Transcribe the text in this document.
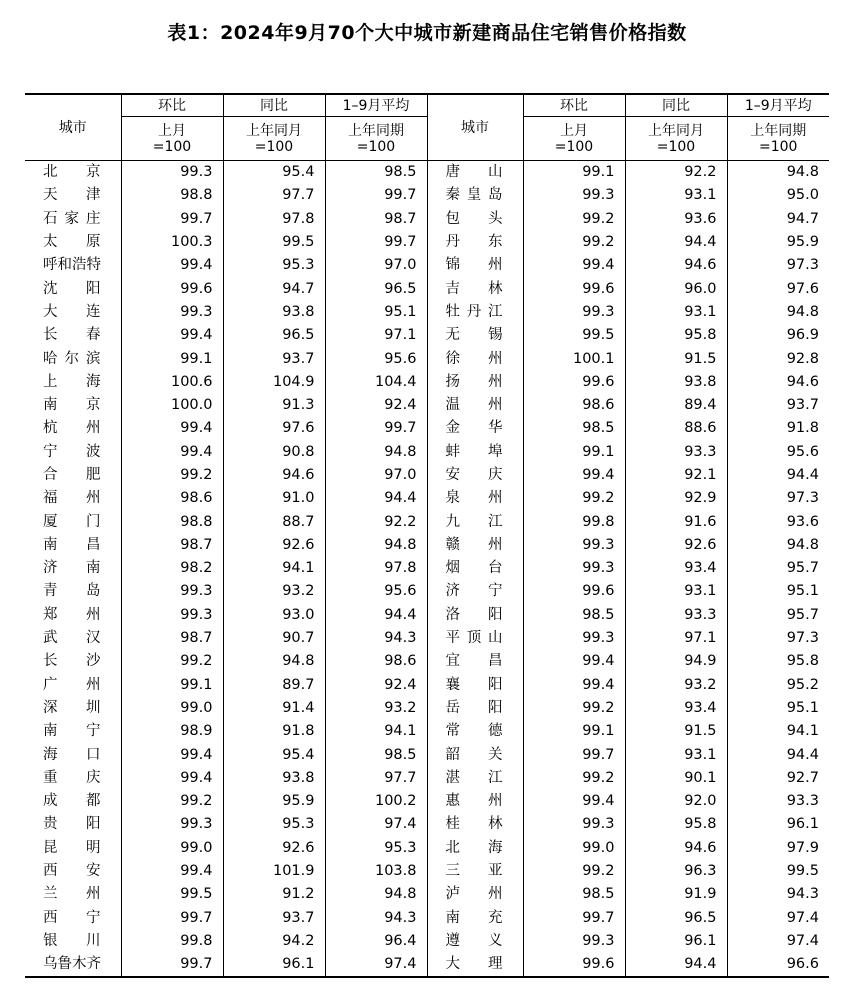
表1：2024年9月70个大中城市新建商品住宅销售价格指数
城市	环比	同比	1–9月平均	城市	环比	同比	1–9月平均

	上月
=100	上年同月
=100	上年同期
=100		上月
=100	上年同月
=100	上年同期
=100

北京	99.3	95.4	98.5	唐山	99.1	92.2	94.8
天津	98.8	97.7	99.7	秦皇岛	99.3	93.1	95.0
石家庄	99.7	97.8	98.7	包头	99.2	93.6	94.7
太原	100.3	99.5	99.7	丹东	99.2	94.4	95.9
呼和浩特	99.4	95.3	97.0	锦州	99.4	94.6	97.3
沈阳	99.6	94.7	96.5	吉林	99.6	96.0	97.6
大连	99.3	93.8	95.1	牡丹江	99.3	93.1	94.8
长春	99.4	96.5	97.1	无锡	99.5	95.8	96.9
哈尔滨	99.1	93.7	95.6	徐州	100.1	91.5	92.8
上海	100.6	104.9	104.4	扬州	99.6	93.8	94.6
南京	100.0	91.3	92.4	温州	98.6	89.4	93.7
杭州	99.4	97.6	99.7	金华	98.5	88.6	91.8
宁波	99.4	90.8	94.8	蚌埠	99.1	93.3	95.6
合肥	99.2	94.6	97.0	安庆	99.4	92.1	94.4
福州	98.6	91.0	94.4	泉州	99.2	92.9	97.3
厦门	98.8	88.7	92.2	九江	99.8	91.6	93.6
南昌	98.7	92.6	94.8	赣州	99.3	92.6	94.8
济南	98.2	94.1	97.8	烟台	99.3	93.4	95.7
青岛	99.3	93.2	95.6	济宁	99.6	93.1	95.1
郑州	99.3	93.0	94.4	洛阳	98.5	93.3	95.7
武汉	98.7	90.7	94.3	平顶山	99.3	97.1	97.3
长沙	99.2	94.8	98.6	宜昌	99.4	94.9	95.8
广州	99.1	89.7	92.4	襄阳	99.4	93.2	95.2
深圳	99.0	91.4	93.2	岳阳	99.2	93.4	95.1
南宁	98.9	91.8	94.1	常德	99.1	91.5	94.1
海口	99.4	95.4	98.5	韶关	99.7	93.1	94.4
重庆	99.4	93.8	97.7	湛江	99.2	90.1	92.7
成都	99.2	95.9	100.2	惠州	99.4	92.0	93.3
贵阳	99.3	95.3	97.4	桂林	99.3	95.8	96.1
昆明	99.0	92.6	95.3	北海	99.0	94.6	97.9
西安	99.4	101.9	103.8	三亚	99.2	96.3	99.5
兰州	99.5	91.2	94.8	泸州	98.5	91.9	94.3
西宁	99.7	93.7	94.3	南充	99.7	96.5	97.4
银川	99.8	94.2	96.4	遵义	99.3	96.1	97.4
乌鲁木齐	99.7	96.1	97.4	大理	99.6	94.4	96.6
